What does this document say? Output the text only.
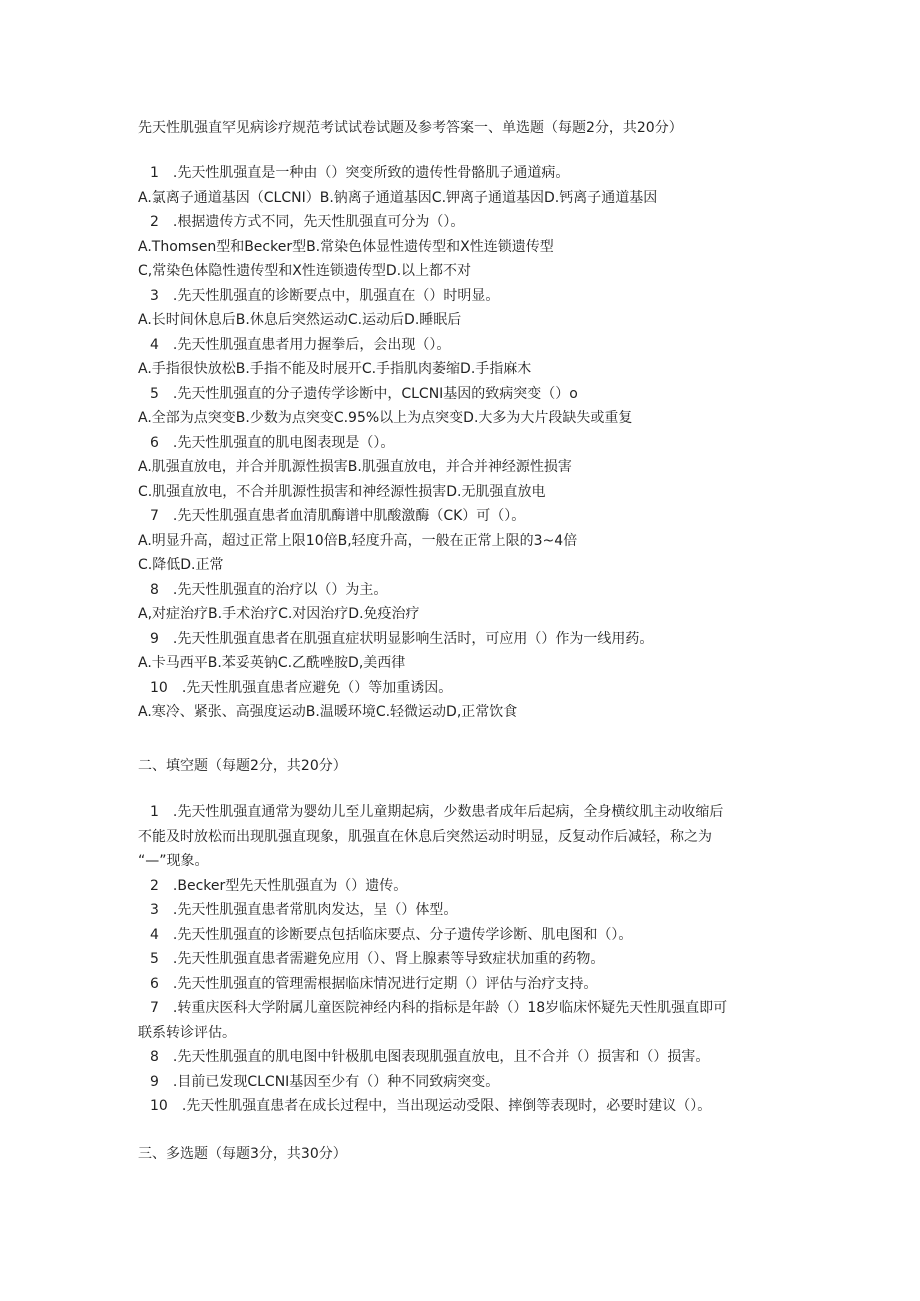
先天性肌强直罕见病诊疗规范考试试卷试题及参考答案一、单选题（每题2分，共20分）
1　.先天性肌强直是一种由（）突变所致的遗传性骨骼肌子通道病。
A.氯离子通道基因（CLCNI）B.钠离子通道基因C.钾离子通道基因D.钙离子通道基因
2　.根据遗传方式不同，先天性肌强直可分为（）。
A.Thomsen型和Becker型B.常染色体显性遗传型和X性连锁遗传型
C,常染色体隐性遗传型和X性连锁遗传型D.以上都不对
3　.先天性肌强直的诊断要点中，肌强直在（）时明显。
A.长时间休息后B.休息后突然运动C.运动后D.睡眠后
4　.先天性肌强直患者用力握拳后，会出现（）。
A.手指很快放松B.手指不能及时展开C.手指肌肉萎缩D.手指麻木
5　.先天性肌强直的分子遗传学诊断中，CLCNI基因的致病突变（）o
A.全部为点突变B.少数为点突变C.95%以上为点突变D.大多为大片段缺失或重复
6　.先天性肌强直的肌电图表现是（）。
A.肌强直放电，并合并肌源性损害B.肌强直放电，并合并神经源性损害
C.肌强直放电，不合并肌源性损害和神经源性损害D.无肌强直放电
7　.先天性肌强直患者血清肌酶谱中肌酸激酶（CK）可（）。
A.明显升高，超过正常上限10倍B,轻度升高，一般在正常上限的3~4倍
C.降低D.正常
8　.先天性肌强直的治疗以（）为主。
A,对症治疗B.手术治疗C.对因治疗D.免疫治疗
9　.先天性肌强直患者在肌强直症状明显影响生活时，可应用（）作为一线用药。
A.卡马西平B.苯妥英钠C.乙酰唑胺D,美西律
10　.先天性肌强直患者应避免（）等加重诱因。
A.寒冷、紧张、高强度运动B.温暖环境C.轻微运动D,正常饮食
二、填空题（每题2分，共20分）
1　.先天性肌强直通常为婴幼儿至儿童期起病，少数患者成年后起病，全身横纹肌主动收缩后
不能及时放松而出现肌强直现象，肌强直在休息后突然运动时明显，反复动作后减轻，称之为
“—”现象。
2　.Becker型先天性肌强直为（）遗传。
3　.先天性肌强直患者常肌肉发达，呈（）体型。
4　.先天性肌强直的诊断要点包括临床要点、分子遗传学诊断、肌电图和（）。
5　.先天性肌强直患者需避免应用（）、肾上腺素等导致症状加重的药物。
6　.先天性肌强直的管理需根据临床情况进行定期（）评估与治疗支持。
7　.转重庆医科大学附属儿童医院神经内科的指标是年龄（）18岁临床怀疑先天性肌强直即可
联系转诊评估。
8　.先天性肌强直的肌电图中针极肌电图表现肌强直放电，且不合并（）损害和（）损害。
9　.目前已发现CLCNI基因至少有（）种不同致病突变。
10　.先天性肌强直患者在成长过程中，当出现运动受限、摔倒等表现时，必要时建议（）。
三、多选题（每题3分，共30分）
